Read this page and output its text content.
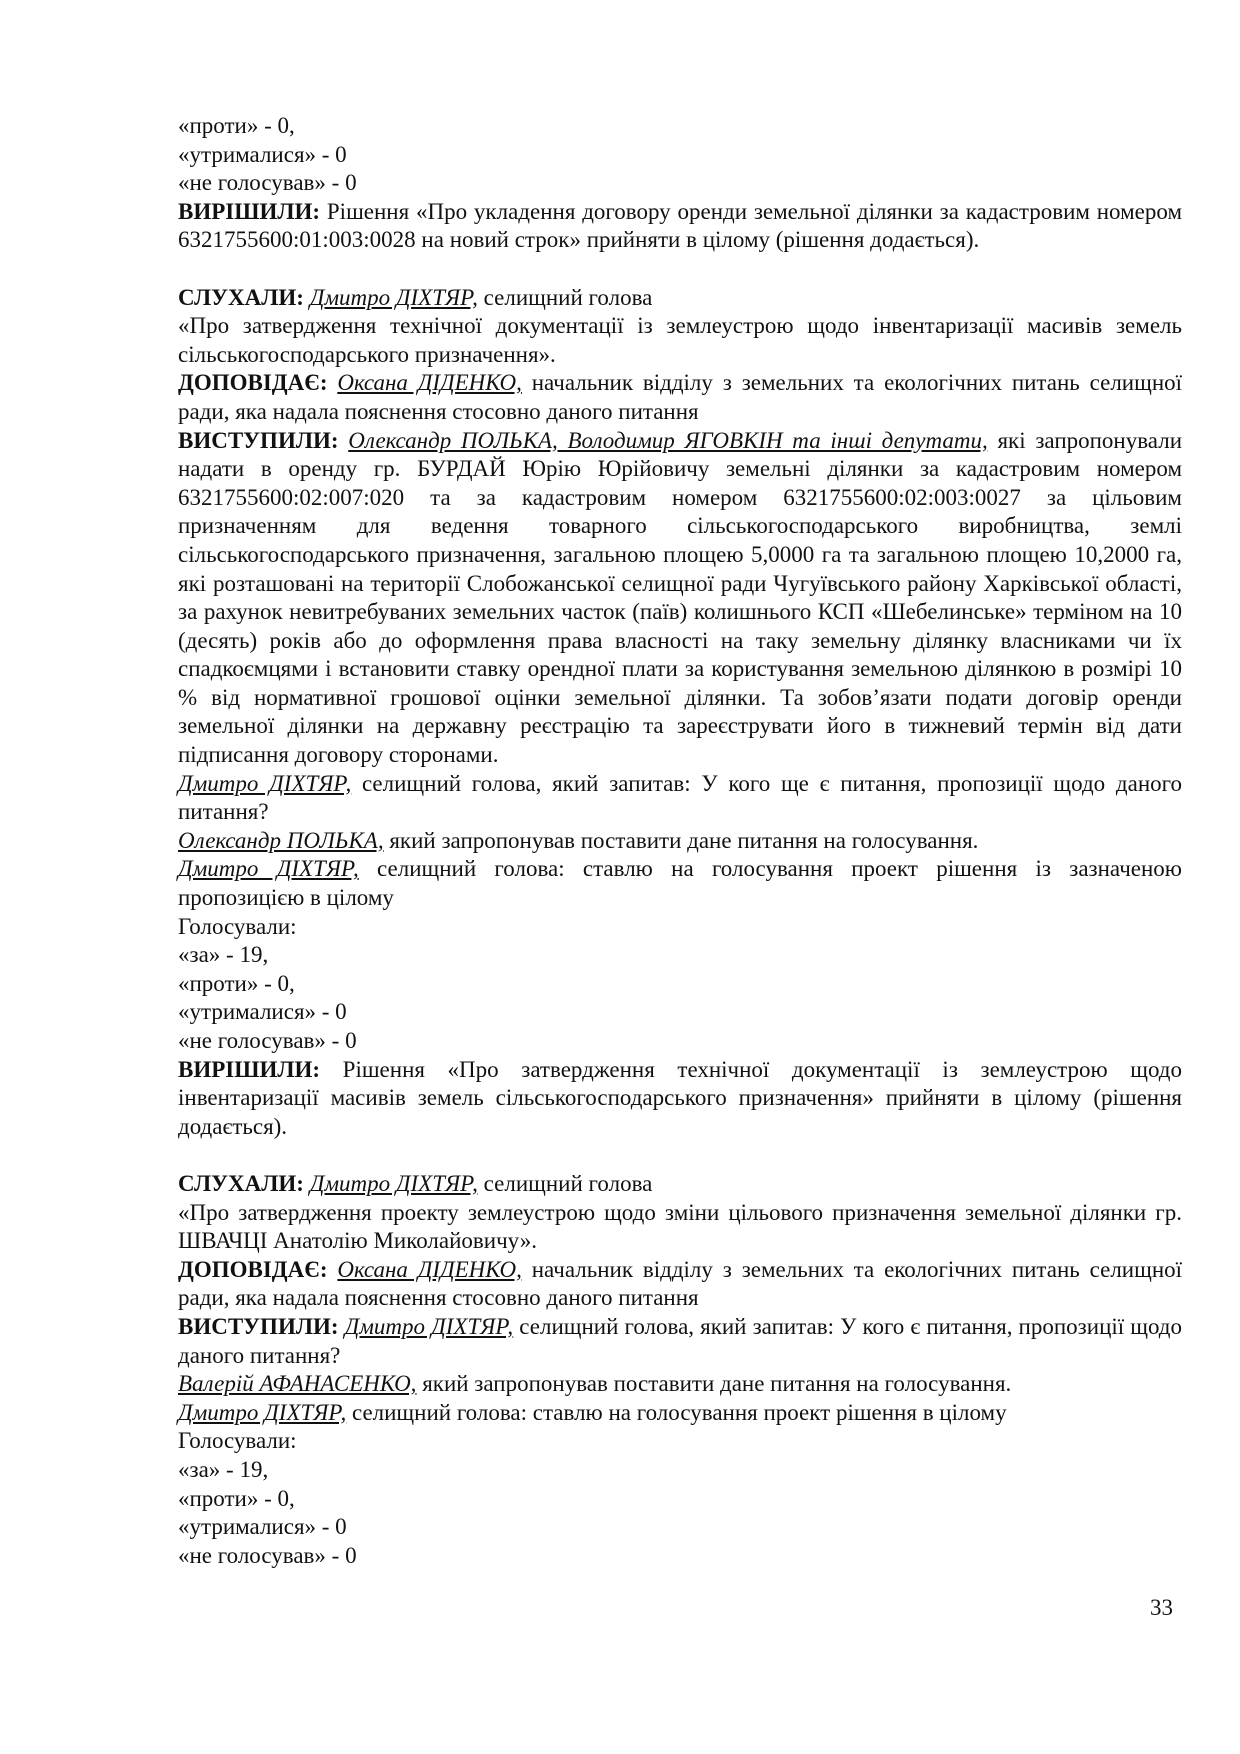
«проти» - 0,

«утрималися» - 0

«не голосував» - 0

ВИРІШИЛИ: Рішення «Про укладення договору оренди земельної ділянки за кадастровим номером 6321755600:01:003:0028 на новий строк» прийняти в цілому (рішення додається).

СЛУХАЛИ: Дмитро ДІХТЯР, селищний голова

«Про затвердження технічної документації із землеустрою щодо інвентаризації масивів земель сільськогосподарського призначення».

ДОПОВІДАЄ: Оксана ДІДЕНКО, начальник відділу з земельних та екологічних питань селищної ради, яка надала пояснення стосовно даного питання

ВИСТУПИЛИ: Олександр ПОЛЬКА, Володимир ЯГОВКІН та інші депутати, які запропонували надати в оренду гр. БУРДАЙ Юрію Юрійовичу земельні ділянки за кадастровим номером 6321755600:02:007:020 та за кадастровим номером 6321755600:02:003:0027 за цільовим призначенням для ведення товарного сільськогосподарського виробництва, землі сільськогосподарського призначення, загальною площею 5,0000 га та загальною площею 10,2000 га, які розташовані на території Слобожанської селищної ради Чугуївського району Харківської області, за рахунок невитребуваних земельних часток (паїв) колишнього КСП «Шебелинське» терміном на 10 (десять) років або до оформлення права власності на таку земельну ділянку власниками чи їх спадкоємцями і встановити ставку орендної плати за користування земельною ділянкою в розмірі 10 % від нормативної грошової оцінки земельної ділянки. Та зобов’язати подати договір оренди земельної ділянки на державну реєстрацію та зареєструвати його в тижневий термін від дати підписання договору сторонами.

Дмитро ДІХТЯР, селищний голова, який запитав: У кого ще є питання, пропозиції щодо даного питання?

Олександр ПОЛЬКА, який запропонував поставити дане питання на голосування.

Дмитро ДІХТЯР, селищний голова: ставлю на голосування проект рішення із зазначеною пропозицією в цілому

Голосували:

«за» - 19,

«проти» - 0,

«утрималися» - 0

«не голосував» - 0

ВИРІШИЛИ: Рішення «Про затвердження технічної документації із землеустрою щодо інвентаризації масивів земель сільськогосподарського призначення» прийняти в цілому (рішення додається).

СЛУХАЛИ: Дмитро ДІХТЯР, селищний голова

«Про затвердження проекту землеустрою щодо зміни цільового призначення земельної ділянки гр. ШВАЧЦІ Анатолію Миколайовичу».

ДОПОВІДАЄ: Оксана ДІДЕНКО, начальник відділу з земельних та екологічних питань селищної ради, яка надала пояснення стосовно даного питання

ВИСТУПИЛИ: Дмитро ДІХТЯР, селищний голова, який запитав: У кого є питання, пропозиції щодо даного питання?

Валерій АФАНАСЕНКО, який запропонував поставити дане питання на голосування.

Дмитро ДІХТЯР, селищний голова: ставлю на голосування проект рішення в цілому

Голосували:

«за» - 19,

«проти» - 0,

«утрималися» - 0

«не голосував» - 0

33
